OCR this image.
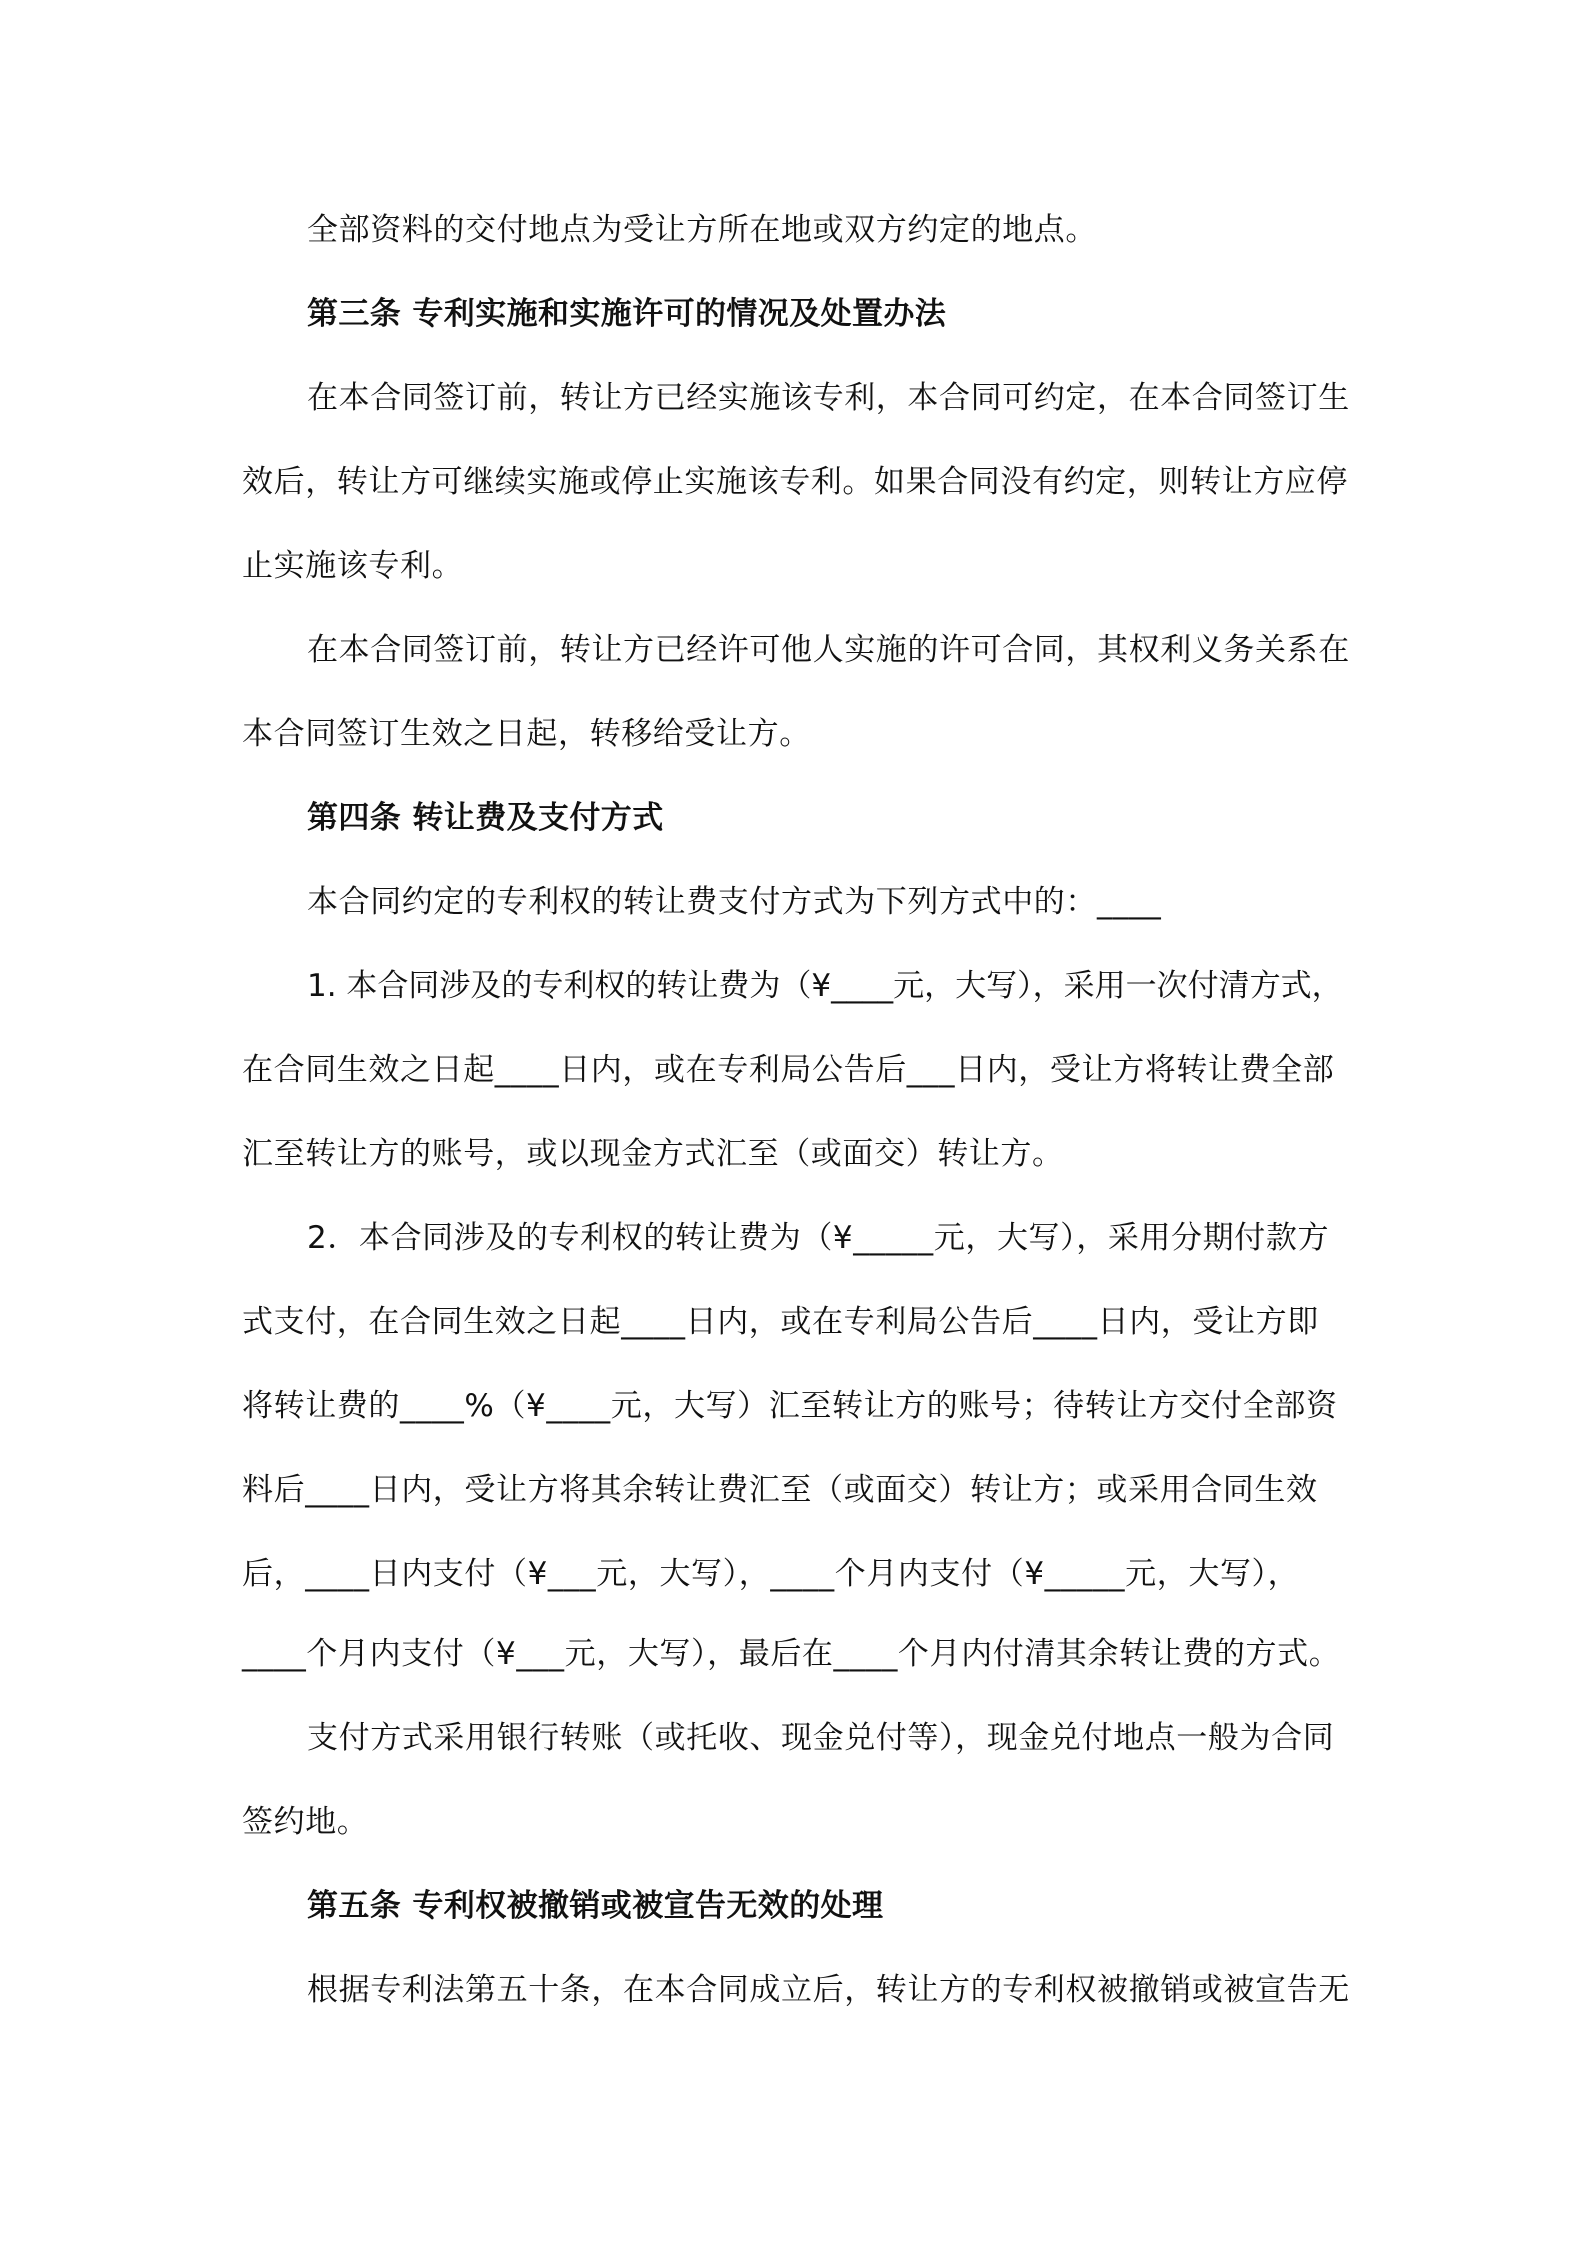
全部资料的交付地点为受让方所在地或双方约定的地点。
第三条 专利实施和实施许可的情况及处置办法
在本合同签订前，转让方已经实施该专利，本合同可约定，在本合同签订生
效后，转让方可继续实施或停止实施该专利。如果合同没有约定，则转让方应停
止实施该专利。
在本合同签订前，转让方已经许可他人实施的许可合同，其权利义务关系在
本合同签订生效之日起，转移给受让方。
第四条 转让费及支付方式
本合同约定的专利权的转让费支付方式为下列方式中的：____
1. 本合同涉及的专利权的转让费为（¥____元，大写），采用一次付清方式，
在合同生效之日起____日内，或在专利局公告后___日内，受让方将转让费全部
汇至转让方的账号，或以现金方式汇至（或面交）转让方。
2．本合同涉及的专利权的转让费为（¥_____元，大写），采用分期付款方
式支付，在合同生效之日起____日内，或在专利局公告后____日内，受让方即
将转让费的____%（¥____元，大写）汇至转让方的账号；待转让方交付全部资
料后____日内，受让方将其余转让费汇至（或面交）转让方；或采用合同生效
后，____日内支付（¥___元，大写），____个月内支付（¥_____元，大写），
____个月内支付（¥___元，大写），最后在____个月内付清其余转让费的方式。
支付方式采用银行转账（或托收、现金兑付等），现金兑付地点一般为合同
签约地。
第五条 专利权被撤销或被宣告无效的处理
根据专利法第五十条，在本合同成立后，转让方的专利权被撤销或被宣告无
